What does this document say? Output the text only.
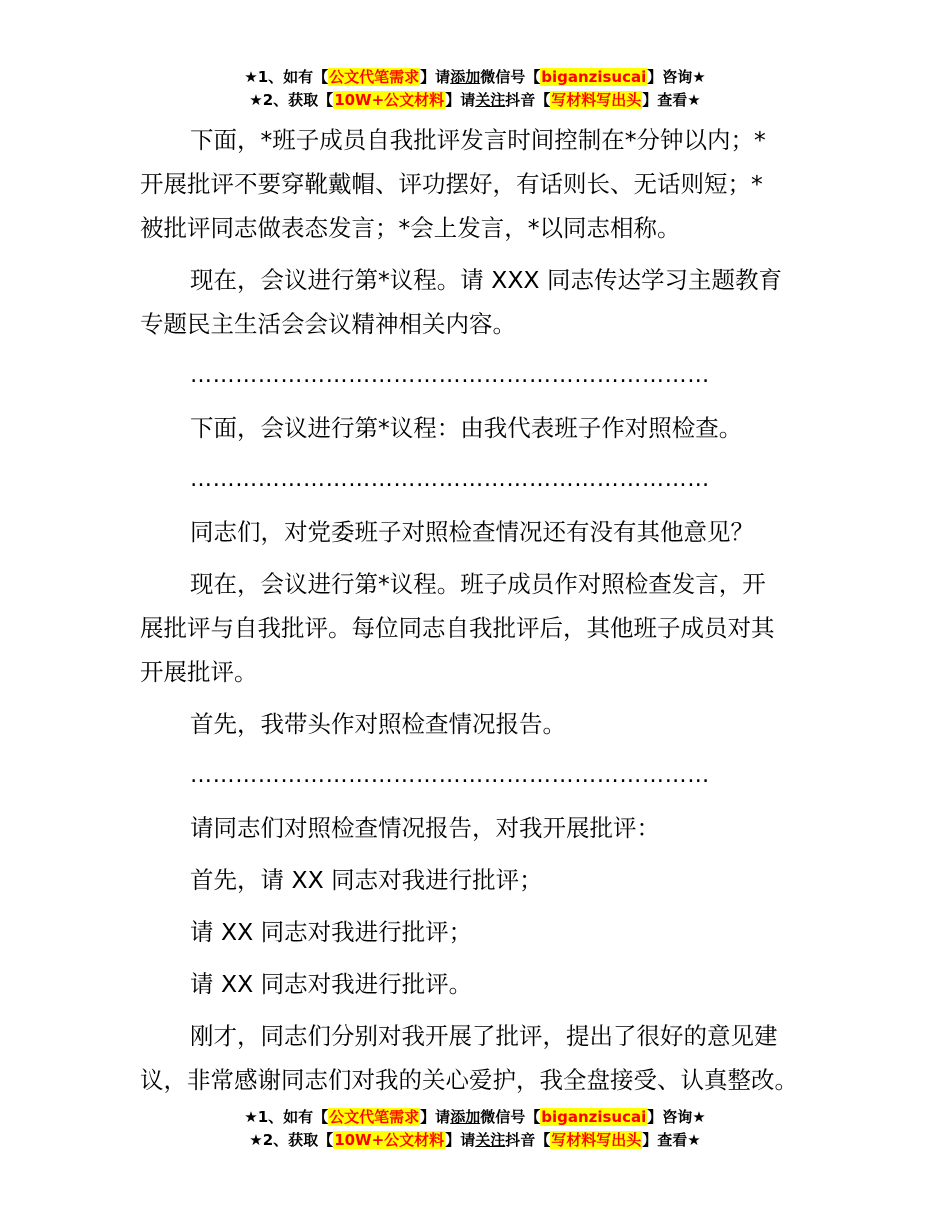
★1、如有【公文代笔需求】请添加微信号【biganzisucai】咨询★
★2、获取【10W+公文材料】请关注抖音【写材料写出头】查看★
下面，*班子成员自我批评发言时间控制在*分钟以内；*
开展批评不要穿靴戴帽、评功摆好，有话则长、无话则短；*
被批评同志做表态发言；*会上发言，*以同志相称。
现在，会议进行第*议程。请 XXX 同志传达学习主题教育
专题民主生活会会议精神相关内容。
……………………………………………………………
下面，会议进行第*议程：由我代表班子作对照检查。
……………………………………………………………
同志们，对党委班子对照检查情况还有没有其他意见？
现在，会议进行第*议程。班子成员作对照检查发言，开
展批评与自我批评。每位同志自我批评后，其他班子成员对其
开展批评。
首先，我带头作对照检查情况报告。
……………………………………………………………
请同志们对照检查情况报告，对我开展批评：
首先，请 XX 同志对我进行批评；
请 XX 同志对我进行批评；
请 XX 同志对我进行批评。
刚才，同志们分别对我开展了批评，提出了很好的意见建
议，非常感谢同志们对我的关心爱护，我全盘接受、认真整改。
★1、如有【公文代笔需求】请添加微信号【biganzisucai】咨询★
★2、获取【10W+公文材料】请关注抖音【写材料写出头】查看★
